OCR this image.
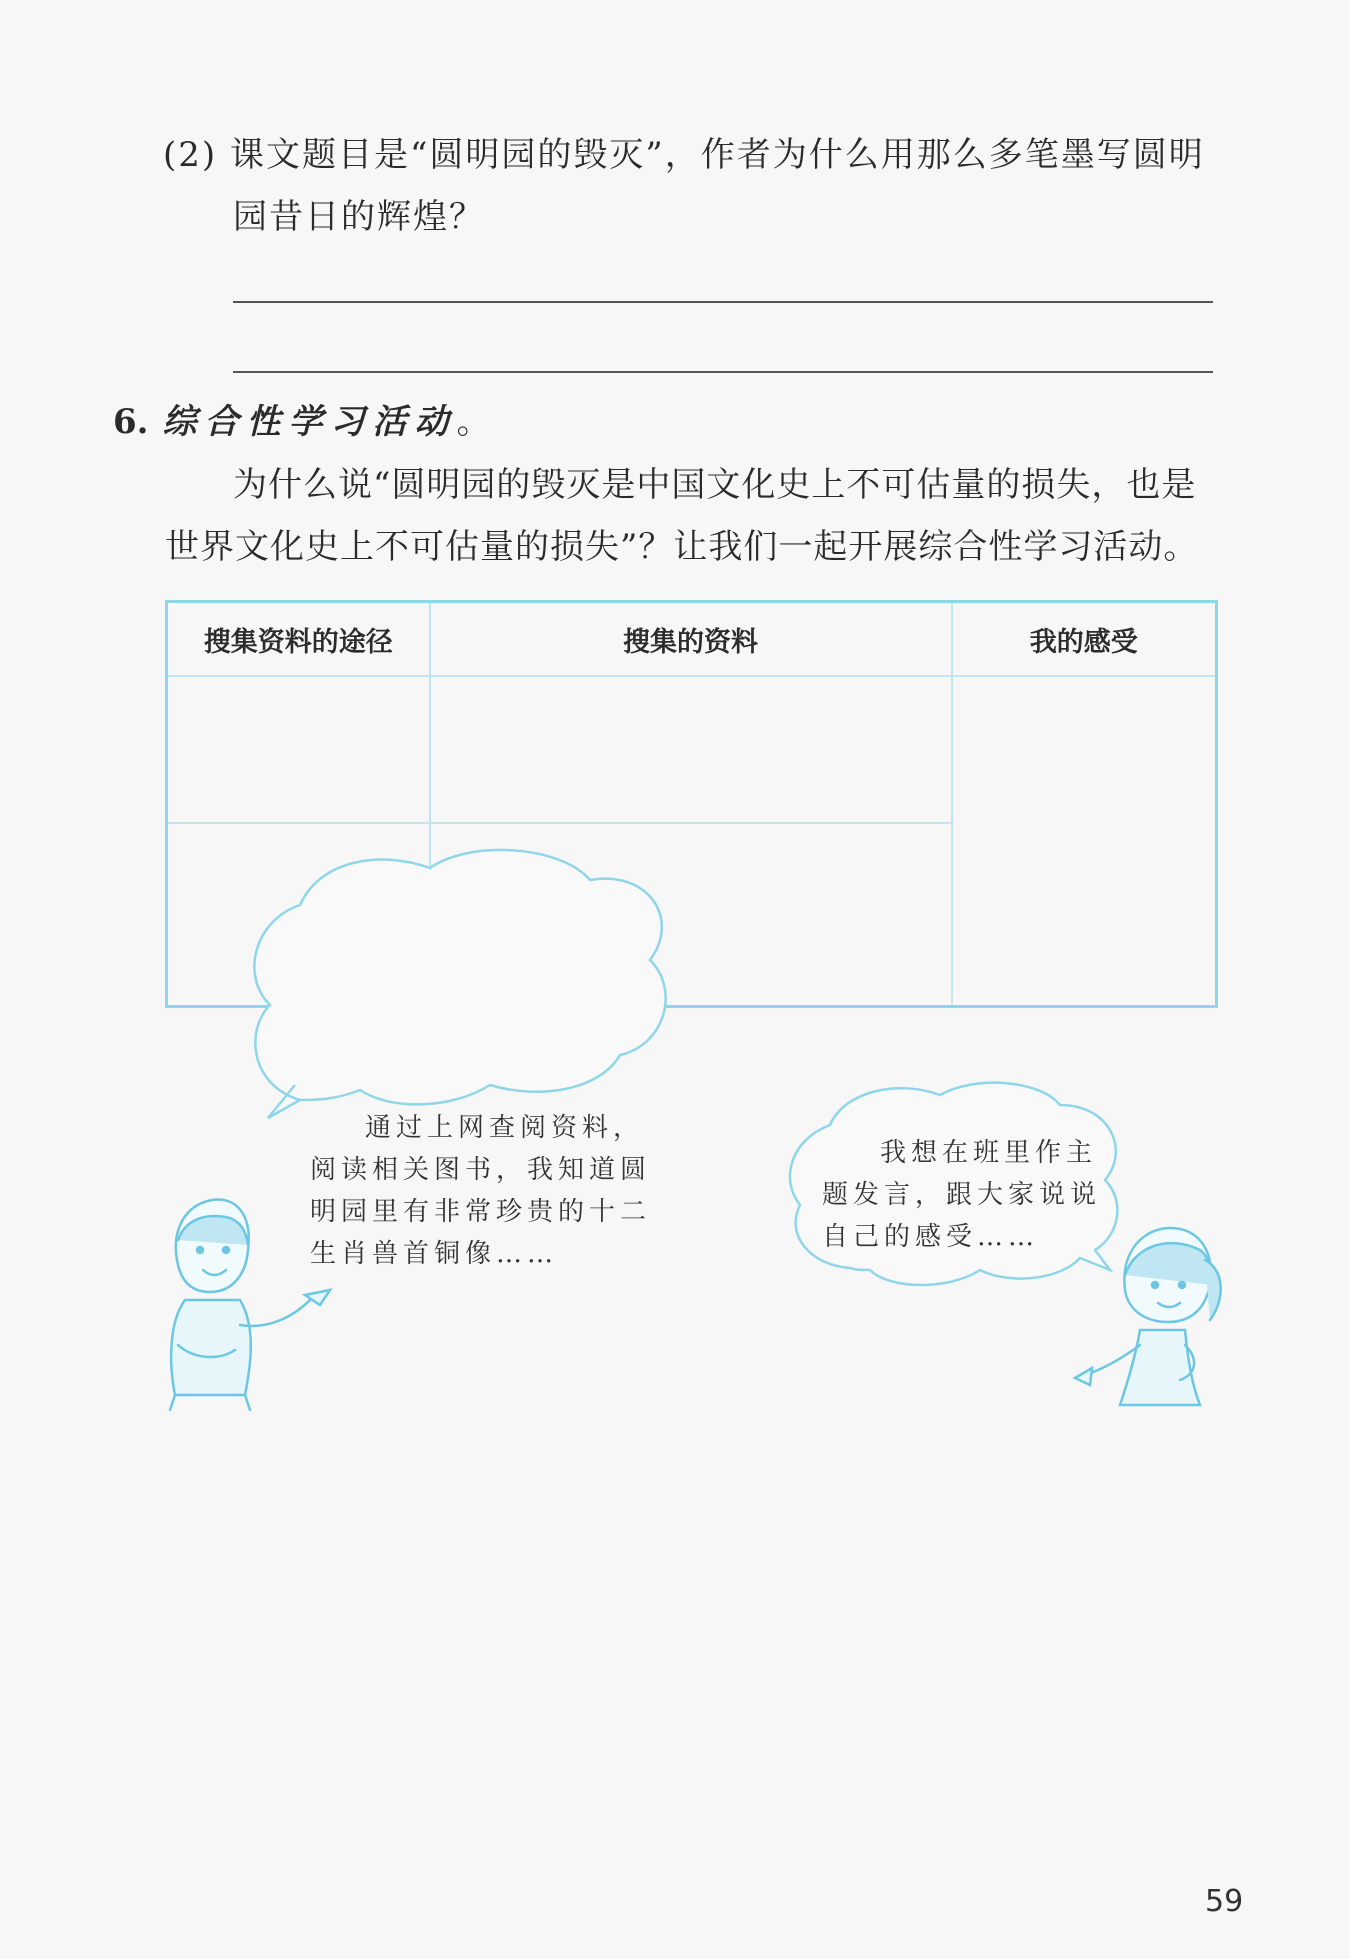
(2) 课文题目是“圆明园的毁灭”，作者为什么用那么多笔墨写圆明
园昔日的辉煌？
6. 综合性学习活动。
为什么说“圆明园的毁灭是中国文化史上不可估量的损失，也是
世界文化史上不可估量的损失”？让我们一起开展综合性学习活动。
搜集资料的途径	搜集的资料	我的感受

通过上网查阅资料，
阅读相关图书，我知道圆
明园里有非常珍贵的十二
生肖兽首铜像……
我想在班里作主
题发言，跟大家说说
自己的感受……
59
